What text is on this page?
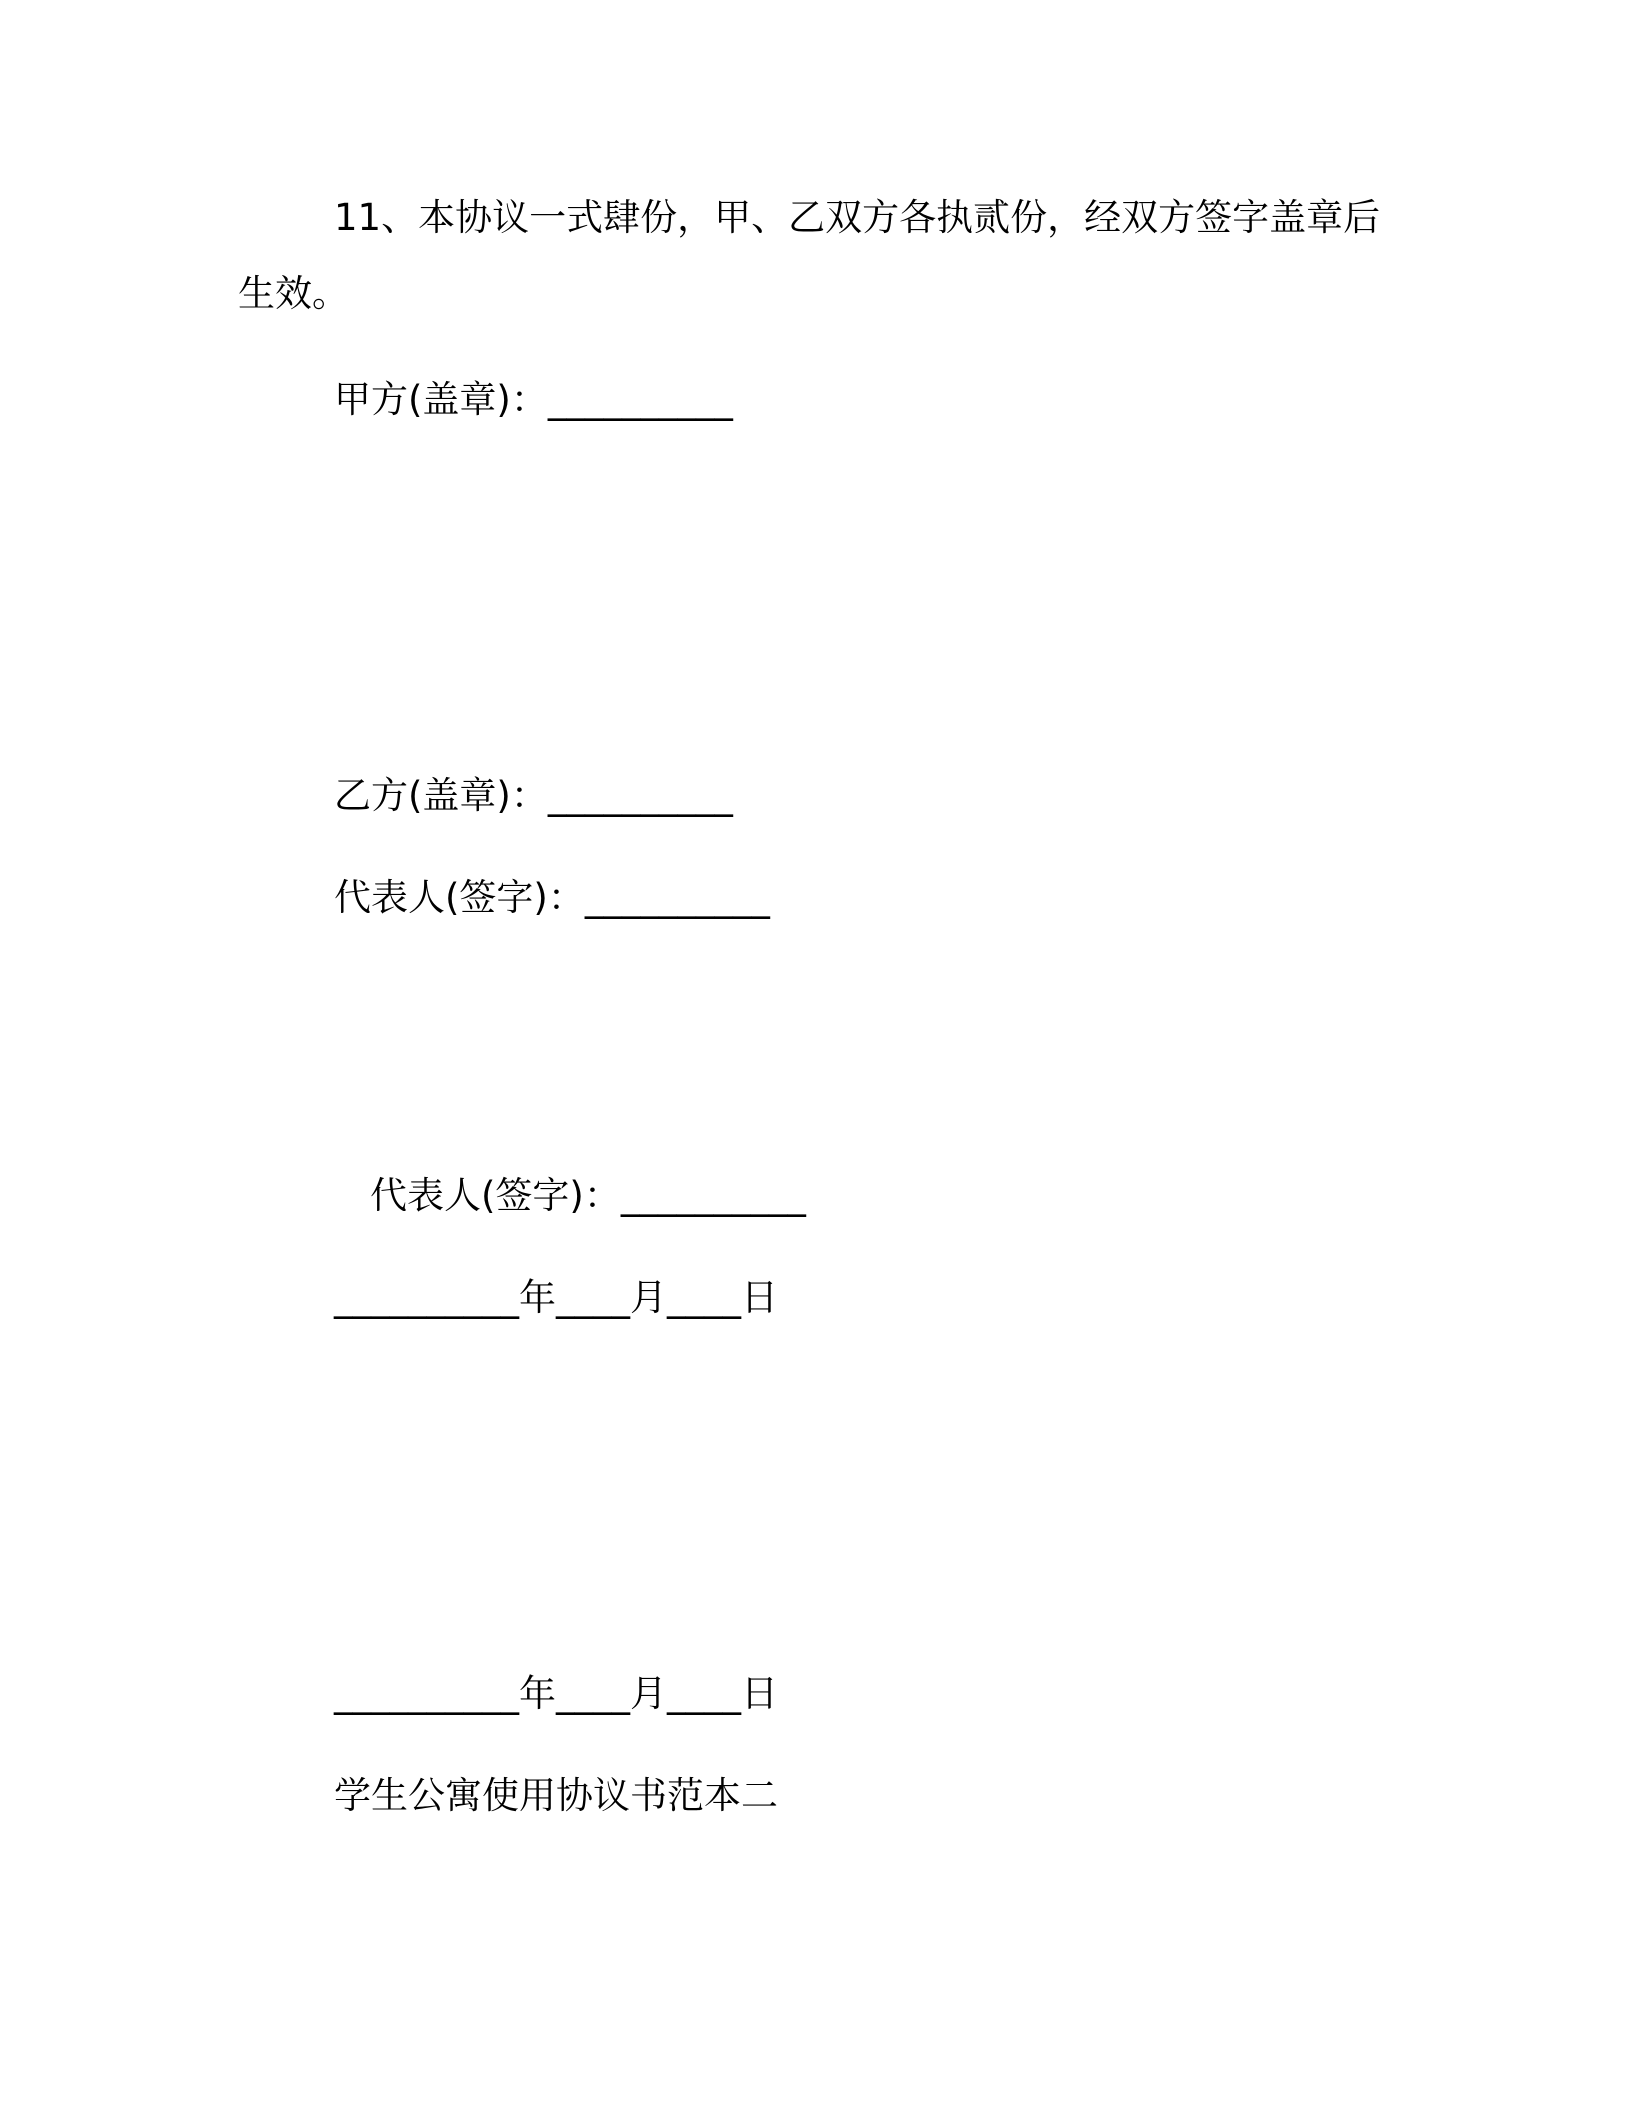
11、本协议一式肆份，甲、乙双方各执贰份，经双方签字盖章后
生效。
甲方(盖章)：__________
乙方(盖章)：__________
代表人(签字)：__________
代表人(签字)：__________
__________年____月____日
__________年____月____日
学生公寓使用协议书范本二
